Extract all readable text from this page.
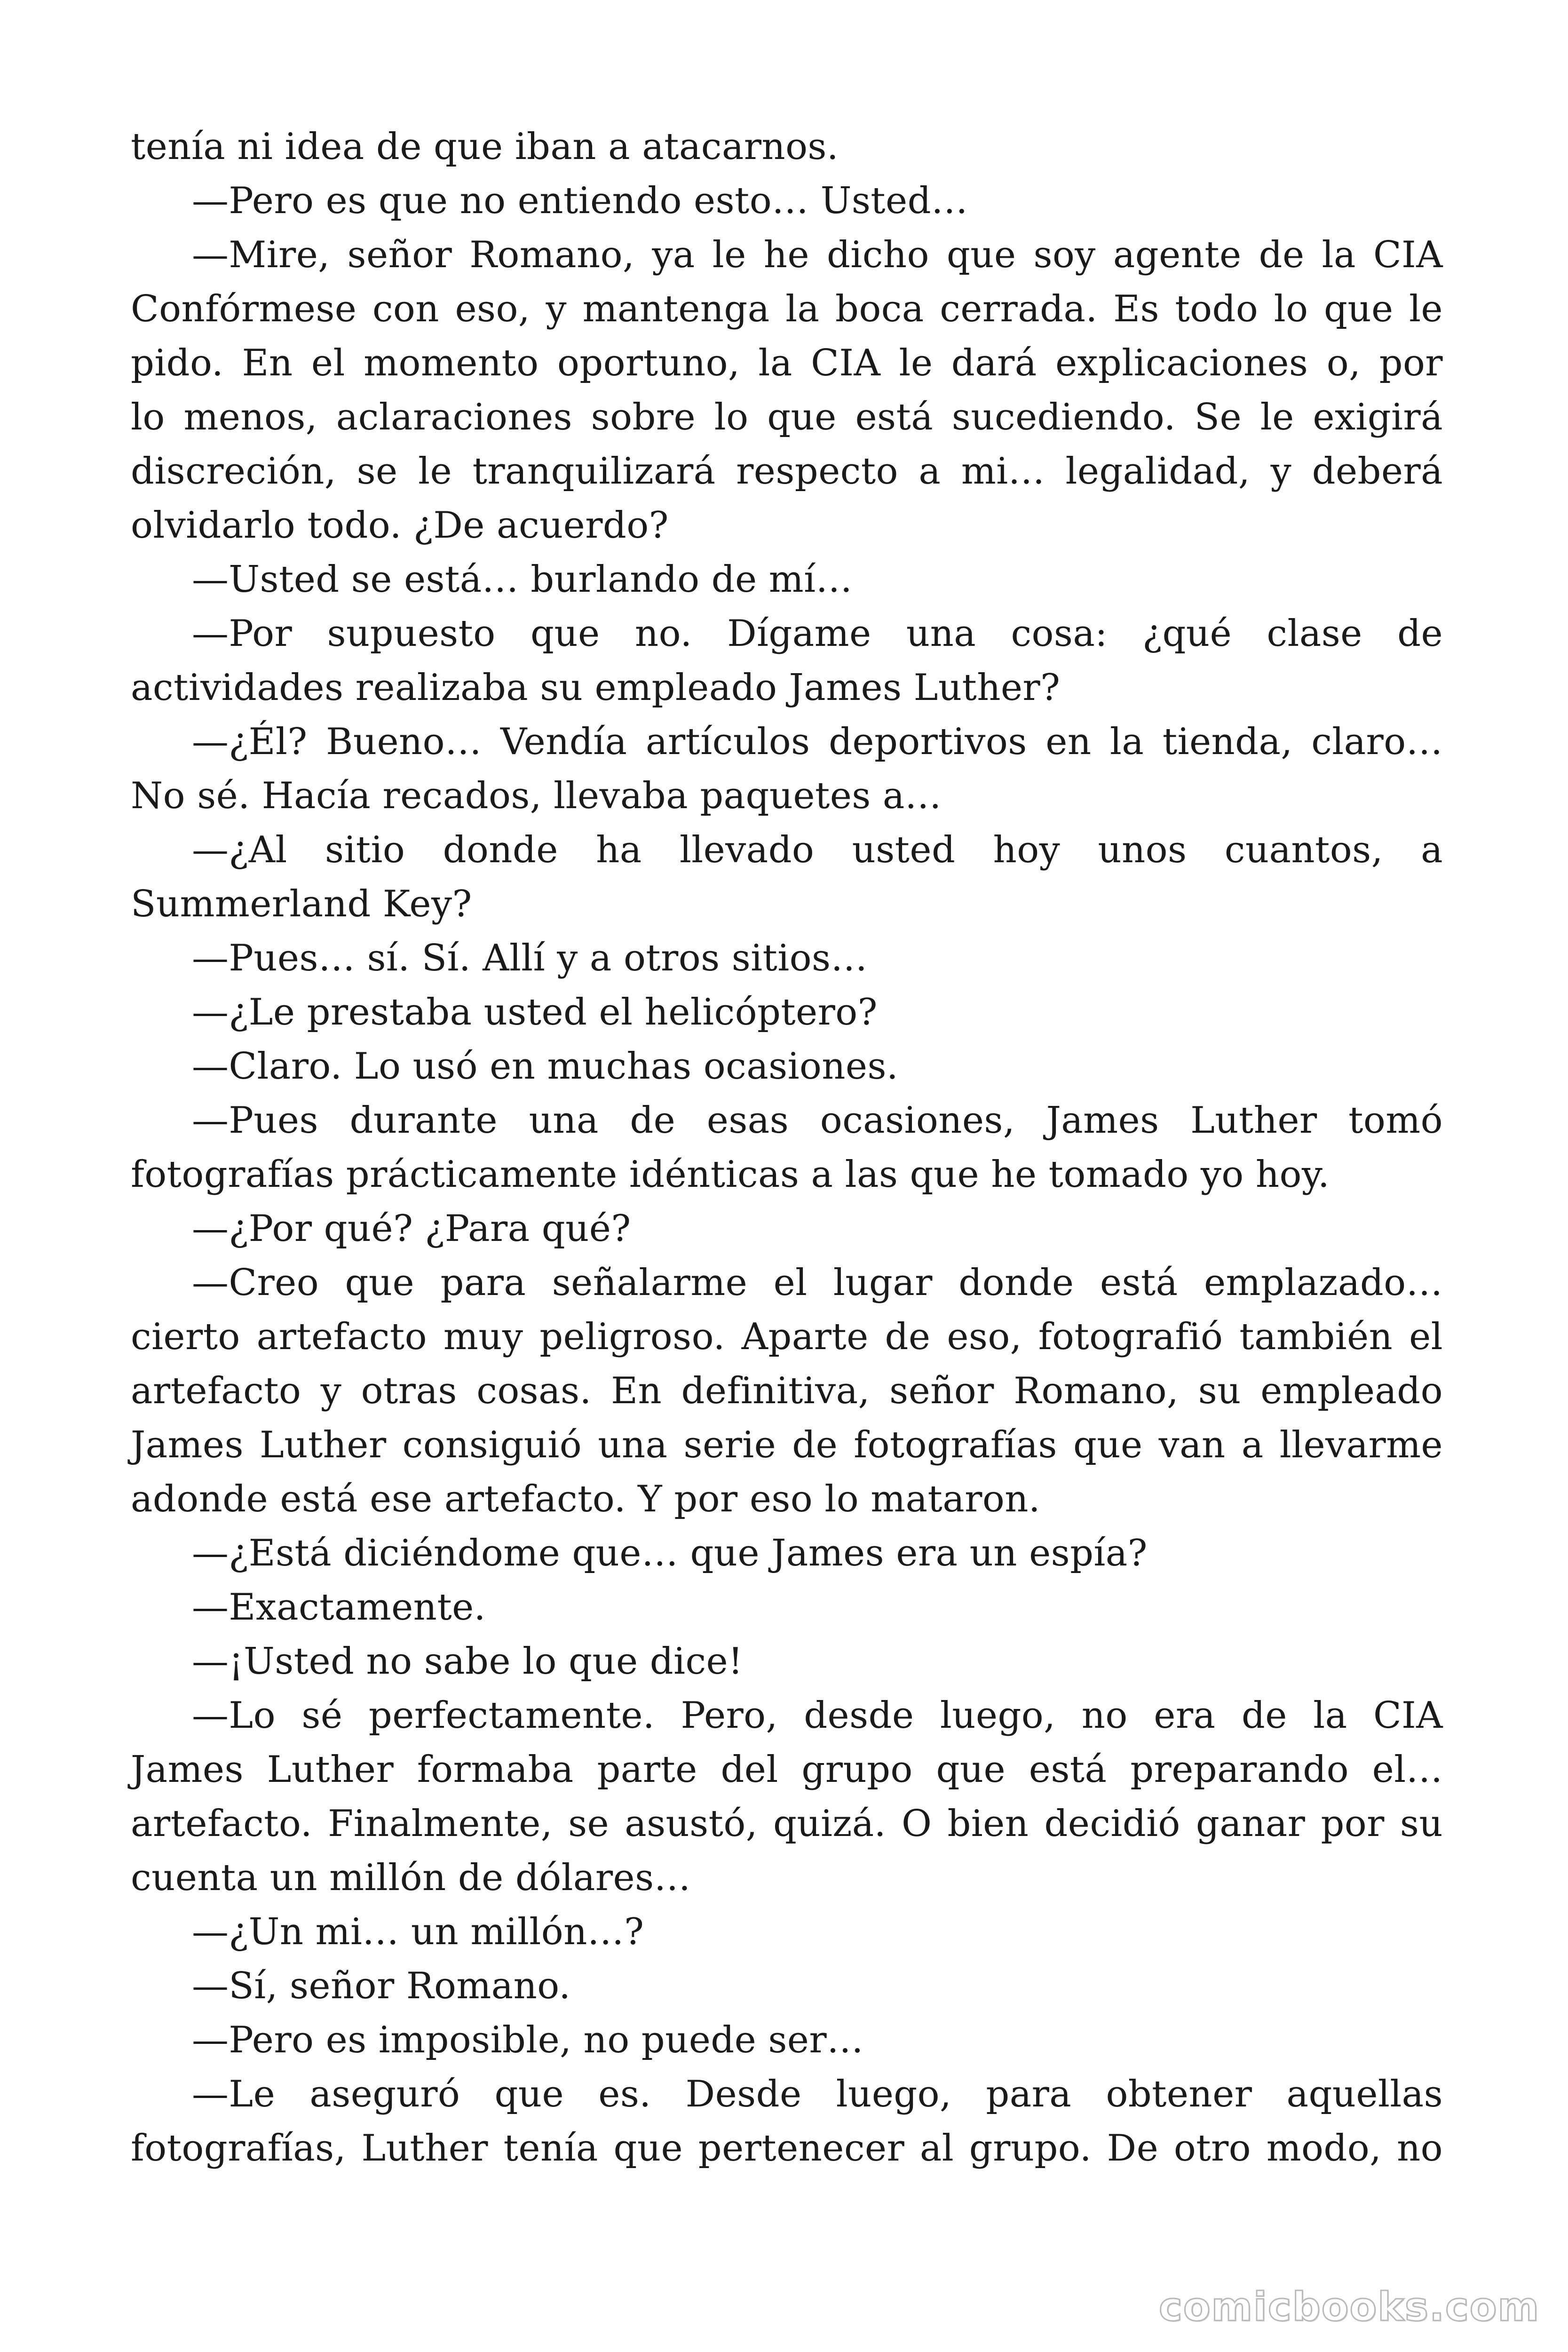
tenía ni idea de que iban a atacarnos.
—Pero es que no entiendo esto… Usted…
—Mire, señor Romano, ya le he dicho que soy agente de la CIA
Confórmese con eso, y mantenga la boca cerrada. Es todo lo que le
pido. En el momento oportuno, la CIA le dará explicaciones o, por
lo menos, aclaraciones sobre lo que está sucediendo. Se le exigirá
discreción, se le tranquilizará respecto a mi… legalidad, y deberá
olvidarlo todo. ¿De acuerdo?
—Usted se está… burlando de mí…
—Por supuesto que no. Dígame una cosa: ¿qué clase de
actividades realizaba su empleado James Luther?
—¿Él? Bueno… Vendía artículos deportivos en la tienda, claro…
No sé. Hacía recados, llevaba paquetes a…
—¿Al sitio donde ha llevado usted hoy unos cuantos, a
Summerland Key?
—Pues… sí. Sí. Allí y a otros sitios…
—¿Le prestaba usted el helicóptero?
—Claro. Lo usó en muchas ocasiones.
—Pues durante una de esas ocasiones, James Luther tomó
fotografías prácticamente idénticas a las que he tomado yo hoy.
—¿Por qué? ¿Para qué?
—Creo que para señalarme el lugar donde está emplazado…
cierto artefacto muy peligroso. Aparte de eso, fotografió también el
artefacto y otras cosas. En definitiva, señor Romano, su empleado
James Luther consiguió una serie de fotografías que van a llevarme
adonde está ese artefacto. Y por eso lo mataron.
—¿Está diciéndome que… que James era un espía?
—Exactamente.
—¡Usted no sabe lo que dice!
—Lo sé perfectamente. Pero, desde luego, no era de la CIA
James Luther formaba parte del grupo que está preparando el…
artefacto. Finalmente, se asustó, quizá. O bien decidió ganar por su
cuenta un millón de dólares…
—¿Un mi… un millón…?
—Sí, señor Romano.
—Pero es imposible, no puede ser…
—Le aseguró que es. Desde luego, para obtener aquellas
fotografías, Luther tenía que pertenecer al grupo. De otro modo, no
comicbooks.com
